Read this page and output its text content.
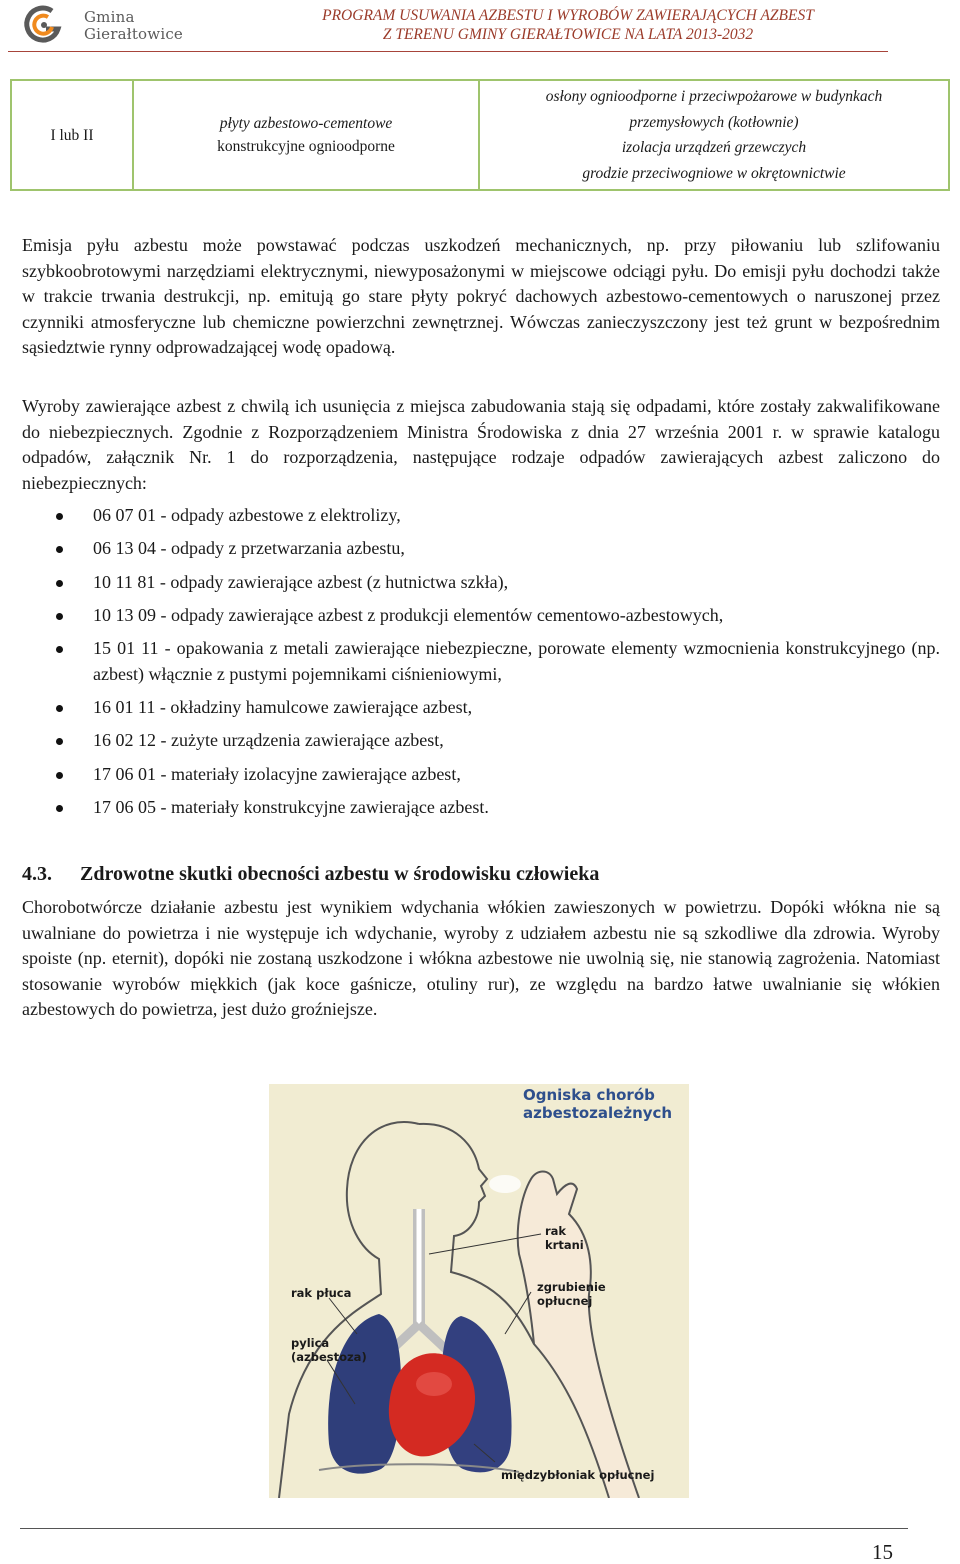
Gmina
Gierałtowice
PROGRAM USUWANIA AZBESTU I WYROBÓW ZAWIERAJĄCYCH AZBEST
Z TERENU GMINY GIERAŁTOWICE NA LATA 2013-2032
I lub II
płyty azbestowo-cementowe
konstrukcyjne ognioodporne
osłony ognioodporne i przeciwpożarowe w budynkach
przemysłowych (kotłownie)
izolacja urządzeń grzewczych
grodzie przeciwogniowe w okrętownictwie

Emisja pyłu azbestu może powstawać podczas uszkodzeń mechanicznych, np. przy piłowaniu lub szlifowaniu szybkoobrotowymi narzędziami elektrycznymi, niewyposażonymi w miejscowe odciągi pyłu. Do emisji pyłu dochodzi także w trakcie trwania destrukcji, np. emitują go stare płyty pokryć dachowych azbestowo-cementowych o naruszonej przez czynniki atmosferyczne lub chemiczne powierzchni zewnętrznej. Wówczas zanieczyszczony jest też grunt w bezpośrednim sąsiedztwie rynny odprowadzającej wodę opadową.

Wyroby zawierające azbest z chwilą ich usunięcia z miejsca zabudowania stają się odpadami, które zostały zakwalifikowane do niebezpiecznych. Zgodnie z Rozporządzeniem Ministra Środowiska z dnia 27 września 2001 r. w sprawie katalogu odpadów, załącznik Nr. 1 do rozporządzenia, następujące rodzaje odpadów zawierających azbest zaliczono do niebezpiecznych:

06 07 01 - odpady azbestowe z elektrolizy,
06 13 04 - odpady z przetwarzania azbestu,
10 11 81 - odpady zawierające azbest (z hutnictwa szkła),
10 13 09 - odpady zawierające azbest z produkcji elementów cementowo-azbestowych,
15 01 11 - opakowania z metali zawierające niebezpieczne, porowate elementy wzmocnienia konstrukcyjnego (np. azbest) włącznie z pustymi pojemnikami ciśnieniowymi,
16 01 11 - okładziny hamulcowe zawierające azbest,
16 02 12 - zużyte urządzenia zawierające azbest,
17 06 01 - materiały izolacyjne zawierające azbest,
17 06 05 - materiały konstrukcyjne zawierające azbest.
4.3. Zdrowotne skutki obecności azbestu w środowisku człowieka

Chorobotwórcze działanie azbestu jest wynikiem wdychania włókien zawieszonych w powietrzu. Dopóki włókna nie są uwalniane do powietrza i nie występuje ich wdychanie, wyroby z udziałem azbestu nie są szkodliwe dla zdrowia. Wyroby spoiste (np. eternit), dopóki nie zostaną uszkodzone i włókna azbestowe nie uwolnią się, nie stanowią zagrożenia. Natomiast stosowanie wyrobów miękkich (jak koce gaśnicze, otuliny rur), ze względu na bardzo łatwe uwalnianie się włókien azbestowych do powietrza, jest dużo groźniejsze.

Ogniska chorób
azbestozależnych
rak
krtani
rak płuca
pylica
(azbestoza)
zgrubienie
opłucnej
międzybłoniak opłucnej
15
